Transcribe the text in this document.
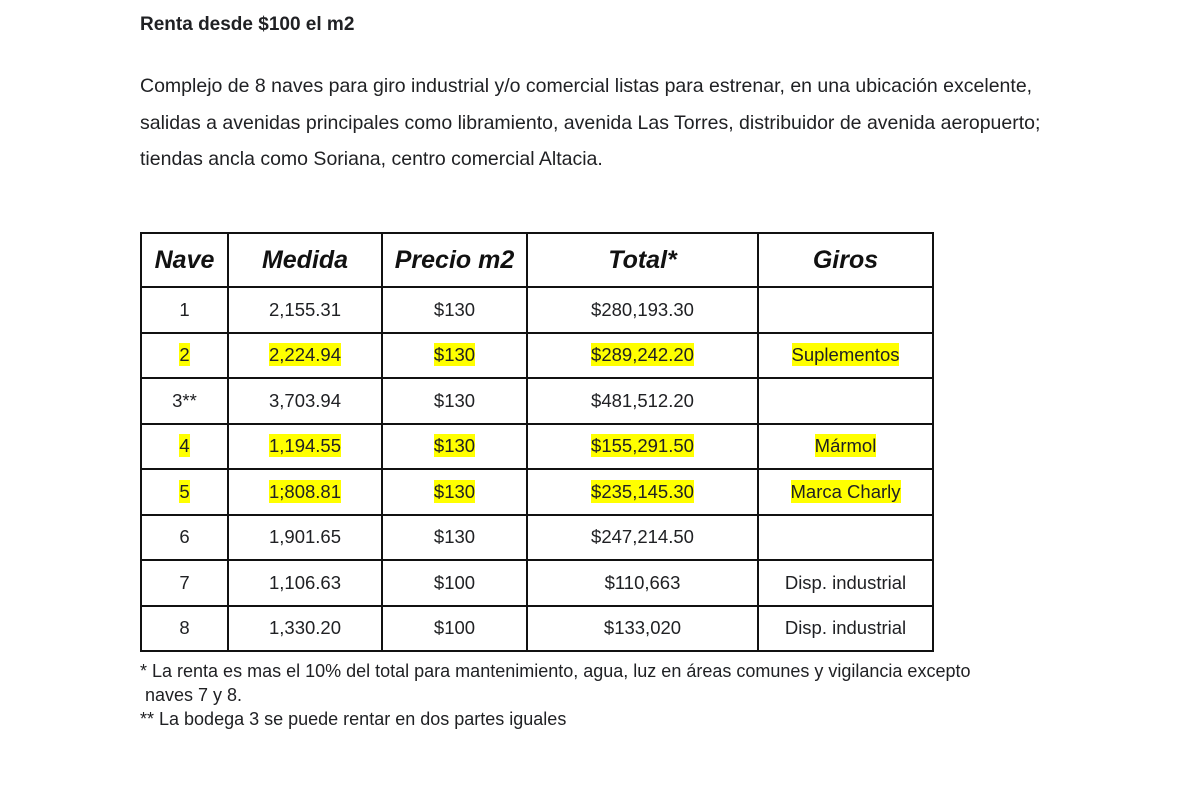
Renta desde $100 el m2
Complejo de 8 naves para giro industrial y/o comercial listas para estrenar, en una ubicación excelente, salidas a avenidas principales como libramiento, avenida Las Torres, distribuidor de avenida aeropuerto; tiendas ancla como Soriana, centro comercial Altacia.
Nave	Medida	Precio m2	Total*	Giros
1	2,155.31	$130	$280,193.30	
2	2,224.94	$130	$289,242.20	Suplementos
3**	3,703.94	$130	$481,512.20	
4	1,194.55	$130	$155,291.50	Mármol
5	1;808.81	$130	$235,145.30	Marca Charly
6	1,901.65	$130	$247,214.50	
7	1,106.63	$100	$110,663	Disp. industrial
8	1,330.20	$100	$133,020	Disp. industrial
* La renta es mas el 10% del total para mantenimiento, agua, luz en áreas comunes y vigilancia excepto
naves 7 y 8.
** La bodega 3 se puede rentar en dos partes iguales
